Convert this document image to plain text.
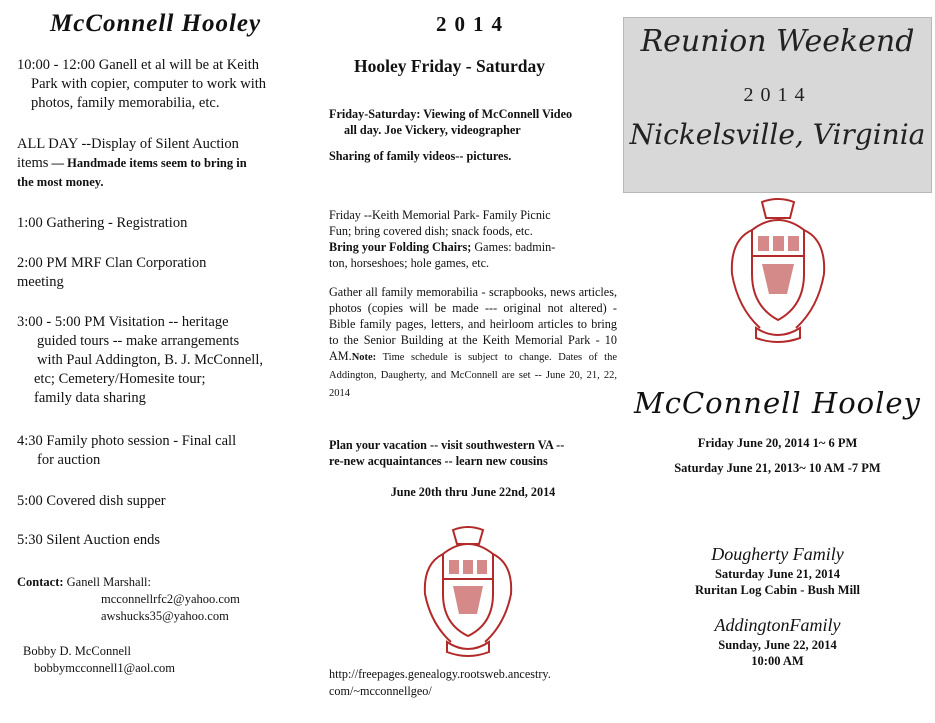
McConnell Hooley
10:00 - 12:00 Ganell et al will be at Keith
Park with copier, computer to work with
photos, family memorabilia, etc.
ALL DAY --Display of Silent Auction
items — Handmade items seem to bring in
the most money.
1:00 Gathering - Registration
2:00 PM MRF Clan Corporation
meeting
3:00 - 5:00 PM Visitation -- heritage
guided tours -- make arrangements
with Paul Addington, B. J. McConnell,
etc; Cemetery/Homesite tour;
family data sharing
4:30 Family photo session - Final call
for auction
5:00 Covered dish supper
5:30 Silent Auction ends
Contact: Ganell Marshall:
mcconnellrfc2@yahoo.com
awshucks35@yahoo.com
Bobby D. McConnell
bobbymcconnell1@aol.com
2014
Hooley Friday - Saturday
Friday-Saturday: Viewing of McConnell Video
all day. Joe Vickery, videographer
Sharing of family videos-- pictures.
Friday --Keith Memorial Park- Family Picnic
Fun; bring covered dish; snack foods, etc.
Bring your Folding Chairs; Games: badmin-
ton, horseshoes; hole games, etc.
Gather all family memorabilia - scrapbooks, news articles, photos (copies will be made --- original not altered) - Bible family pages, letters, and heirloom articles to bring to the Senior Building at the Keith Memorial Park - 10 AM.Note: Time schedule is subject to change. Dates of the Addington, Daugherty, and McConnell are set -- June 20, 21, 22, 2014
Plan your vacation -- visit southwestern VA --
re-new acquaintances -- learn new cousins
June 20th thru June 22nd, 2014
http://freepages.genealogy.rootsweb.ancestry.
com/~mcconnellgeo/
Reunion Weekend
2014
Nickelsville, Virginia
McConnell Hooley
Friday June 20, 2014 1~ 6 PM
Saturday June 21, 2013~ 10 AM -7 PM
Dougherty Family
Saturday June 21, 2014
Ruritan Log Cabin - Bush Mill
AddingtonFamily
Sunday, June 22, 2014
10:00 AM
